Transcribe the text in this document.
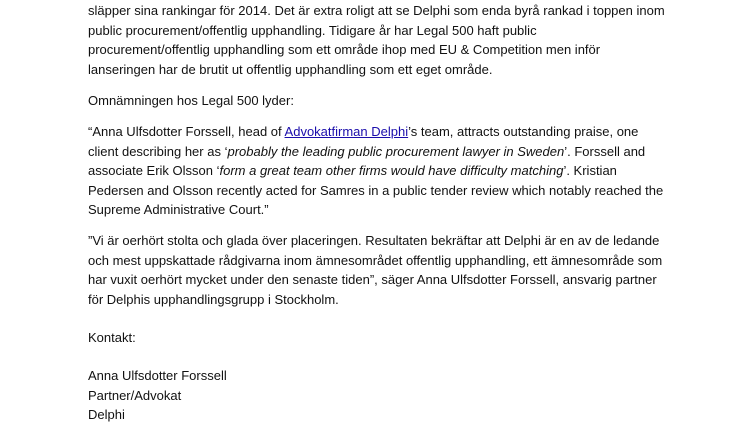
släpper sina rankingar för 2014. Det är extra roligt att se Delphi som enda byrå rankad i toppen inom
public procurement/offentlig upphandling. Tidigare år har Legal 500 haft public
procurement/offentlig upphandling som ett område ihop med EU & Competition men inför
lanseringen har de brutit ut offentlig upphandling som ett eget område.

Omnämningen hos Legal 500 lyder:

“Anna Ulfsdotter Forssell, head of Advokatfirman Delphi’s team, attracts outstanding praise, one
client describing her as ‘probably the leading public procurement lawyer in Sweden’. Forssell and
associate Erik Olsson ‘form a great team other firms would have difficulty matching’. Kristian
Pedersen and Olsson recently acted for Samres in a public tender review which notably reached the
Supreme Administrative Court.”

”Vi är oerhört stolta och glada över placeringen. Resultaten bekräftar att Delphi är en av de ledande
och mest uppskattade rådgivarna inom ämnesområdet offentlig upphandling, ett ämnesområde som
har vuxit oerhört mycket under den senaste tiden”, säger Anna Ulfsdotter Forssell, ansvarig partner
för Delphis upphandlingsgrupp i Stockholm.

Kontakt:

Anna Ulfsdotter Forssell
Partner/Advokat
Delphi
